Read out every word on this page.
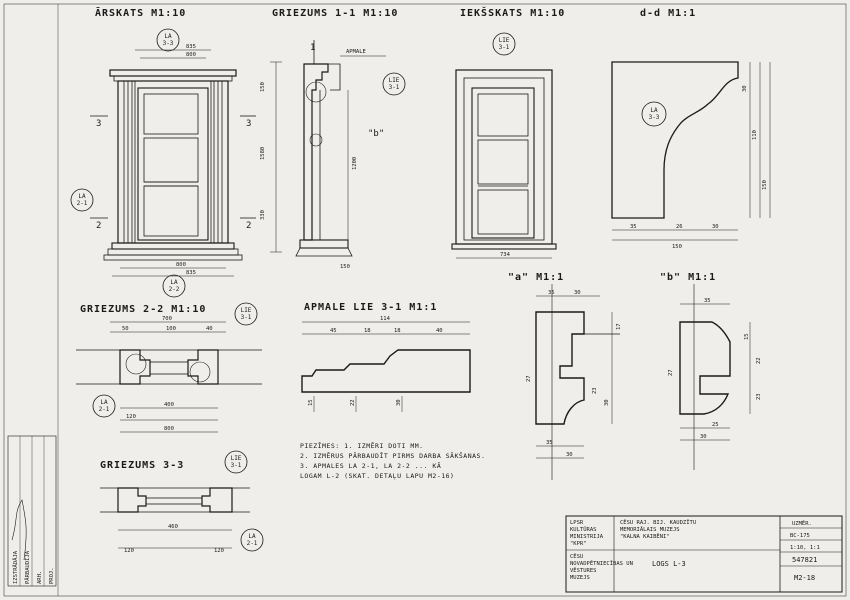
ĀRSKATS M1:10
835
800
800
835
3	3
2	2
LA
3-3
LA
2-1
LA
2-2
GRIEZUMS 1-1 M1:10
APMALE
150
1580
330
1200
150
"b"
1
LIE
3-1
IEKŠSKATS M1:10
734
LIE
3-1
d-d M1:1
35	26	30
150
30
110
150
LA
3-3
GRIEZUMS 2-2 M1:10
700
50	100	40
400
800
120
LIE
3-1
LA
2-1
APMALE LIE 3-1 M1:1
114
45	18	18	40
15	22	30
"a" M1:1
35	30
17
27
23
30
35
30
"b" M1:1
35
15
22
27
23
25
30
GRIEZUMS 3-3
120
460
120
LIE
3-1
LA
2-1
PIEZĪMES: 1. IZMĒRI DOTI MM.
2. IZMĒRUS PĀRBAUDĪT PIRMS DARBA SĀKŠANAS.
3. APMALES LA 2-1, LA 2-2 ... KĀ
LOGAM L-2 (SKAT. DETAĻU LAPU M2-16)
IZSTRĀDĀJA PĀRBAUDĪJA ARH. PROJ.
LPSR
KULTŪRAS
MINISTRIJA
"KPR"
CĒSU RAJ. BIJ. KAUDZĪTU
MEMORIĀLAIS MUZEJS
"KALNA KAIBĒNI"
CĒSU
NOVADPĒTNIECĪBAS UN
VĒSTURES
MUZEJS
LOGS L-3
UZMĒR.
BC-175
1:10, 1:1
547821
M2-18
